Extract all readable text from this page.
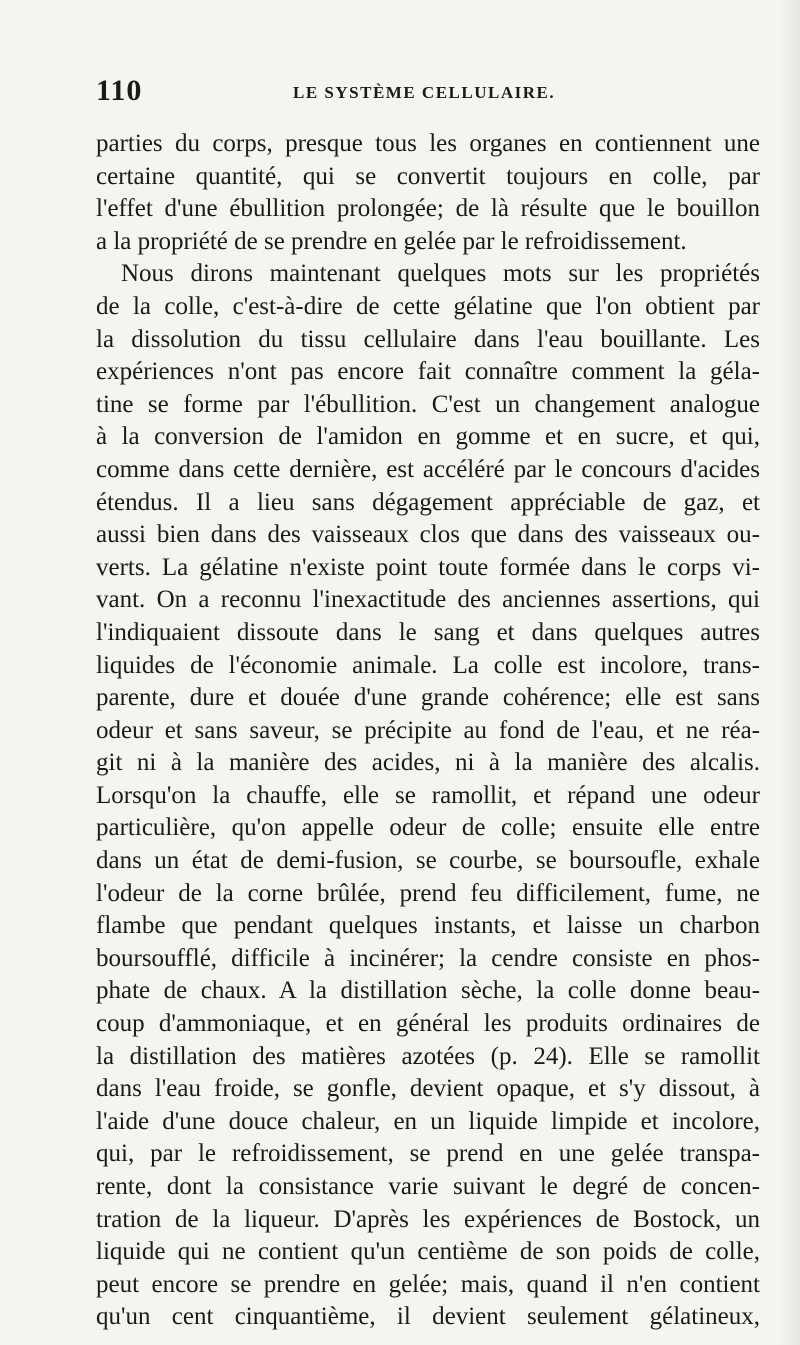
110	LE SYSTÈME CELLULAIRE.
parties du corps, presque tous les organes en contiennent une
certaine quantité, qui se convertit toujours en colle, par
l'effet d'une ébullition prolongée; de là résulte que le bouillon
a la propriété de se prendre en gelée par le refroidissement.
Nous dirons maintenant quelques mots sur les propriétés
de la colle, c'est-à-dire de cette gélatine que l'on obtient par
la dissolution du tissu cellulaire dans l'eau bouillante. Les
expériences n'ont pas encore fait connaître comment la géla-
tine se forme par l'ébullition. C'est un changement analogue
à la conversion de l'amidon en gomme et en sucre, et qui,
comme dans cette dernière, est accéléré par le concours d'acides
étendus. Il a lieu sans dégagement appréciable de gaz, et
aussi bien dans des vaisseaux clos que dans des vaisseaux ou-
verts. La gélatine n'existe point toute formée dans le corps vi-
vant. On a reconnu l'inexactitude des anciennes assertions, qui
l'indiquaient dissoute dans le sang et dans quelques autres
liquides de l'économie animale. La colle est incolore, trans-
parente, dure et douée d'une grande cohérence; elle est sans
odeur et sans saveur, se précipite au fond de l'eau, et ne réa-
git ni à la manière des acides, ni à la manière des alcalis.
Lorsqu'on la chauffe, elle se ramollit, et répand une odeur
particulière, qu'on appelle odeur de colle; ensuite elle entre
dans un état de demi-fusion, se courbe, se boursoufle, exhale
l'odeur de la corne brûlée, prend feu difficilement, fume, ne
flambe que pendant quelques instants, et laisse un charbon
boursoufflé, difficile à incinérer; la cendre consiste en phos-
phate de chaux. A la distillation sèche, la colle donne beau-
coup d'ammoniaque, et en général les produits ordinaires de
la distillation des matières azotées (p. 24). Elle se ramollit
dans l'eau froide, se gonfle, devient opaque, et s'y dissout, à
l'aide d'une douce chaleur, en un liquide limpide et incolore,
qui, par le refroidissement, se prend en une gelée transpa-
rente, dont la consistance varie suivant le degré de concen-
tration de la liqueur. D'après les expériences de Bostock, un
liquide qui ne contient qu'un centième de son poids de colle,
peut encore se prendre en gelée; mais, quand il n'en contient
qu'un cent cinquantième, il devient seulement gélatineux,
